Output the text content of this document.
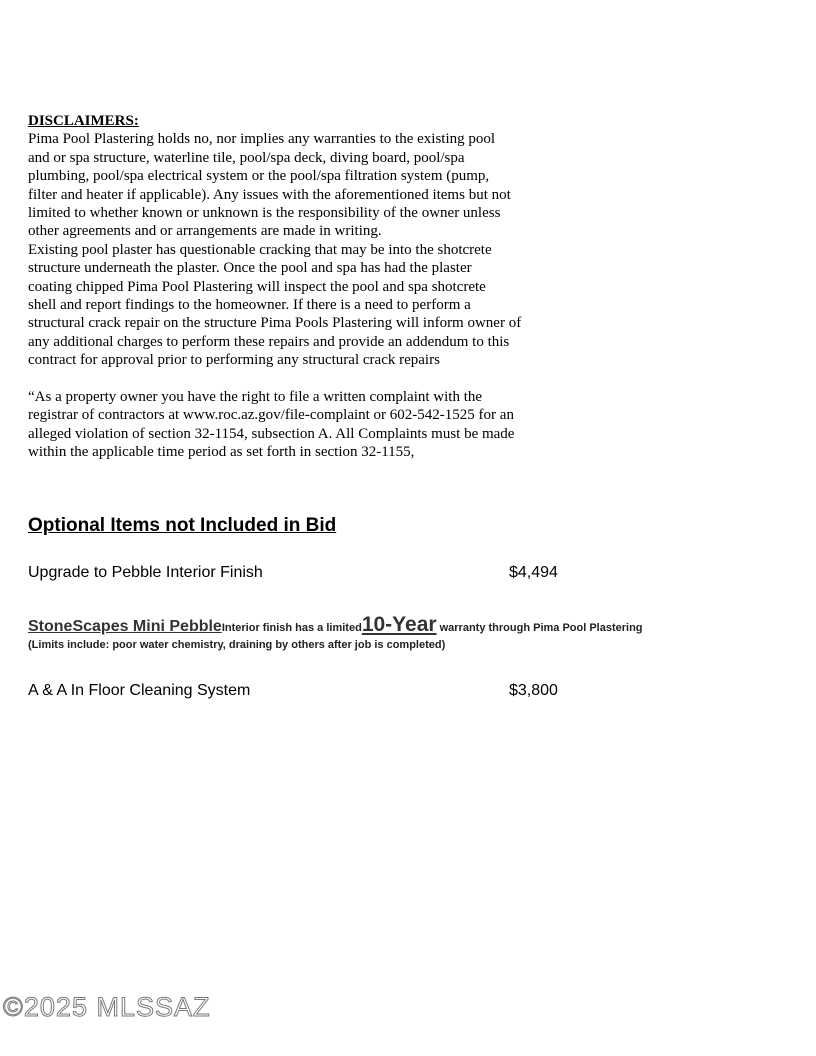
DISCLAIMERS:
Pima Pool Plastering holds no, nor implies any warranties to the existing pool
and or spa structure, waterline tile, pool/spa deck, diving board, pool/spa
plumbing, pool/spa electrical system or the pool/spa filtration system (pump,
filter and heater if applicable). Any issues with the aforementioned items but not
limited to whether known or unknown is the responsibility of the owner unless
other agreements and or arrangements are made in writing.
Existing pool plaster has questionable cracking that may be into the shotcrete
structure underneath the plaster. Once the pool and spa has had the plaster
coating chipped Pima Pool Plastering will inspect the pool and spa shotcrete
shell and report findings to the homeowner. If there is a need to perform a
structural crack repair on the structure Pima Pools Plastering will inform owner of
any additional charges to perform these repairs and provide an addendum to this
contract for approval prior to performing any structural crack repairs
“As a property owner you have the right to file a written complaint with the
registrar of contractors at www.roc.az.gov/file-complaint or 602-542-1525 for an
alleged violation of section 32-1154, subsection A. All Complaints must be made
within the applicable time period as set forth in section 32-1155,
Optional Items not Included in Bid
Upgrade to Pebble Interior Finish	$4,494
StoneScapes Mini PebbleInterior finish has a limited10-Year warranty through Pima Pool Plastering
(Limits include: poor water chemistry, draining by others after job is completed)
A & A In Floor Cleaning System	$3,800
©2025 MLSSAZ
